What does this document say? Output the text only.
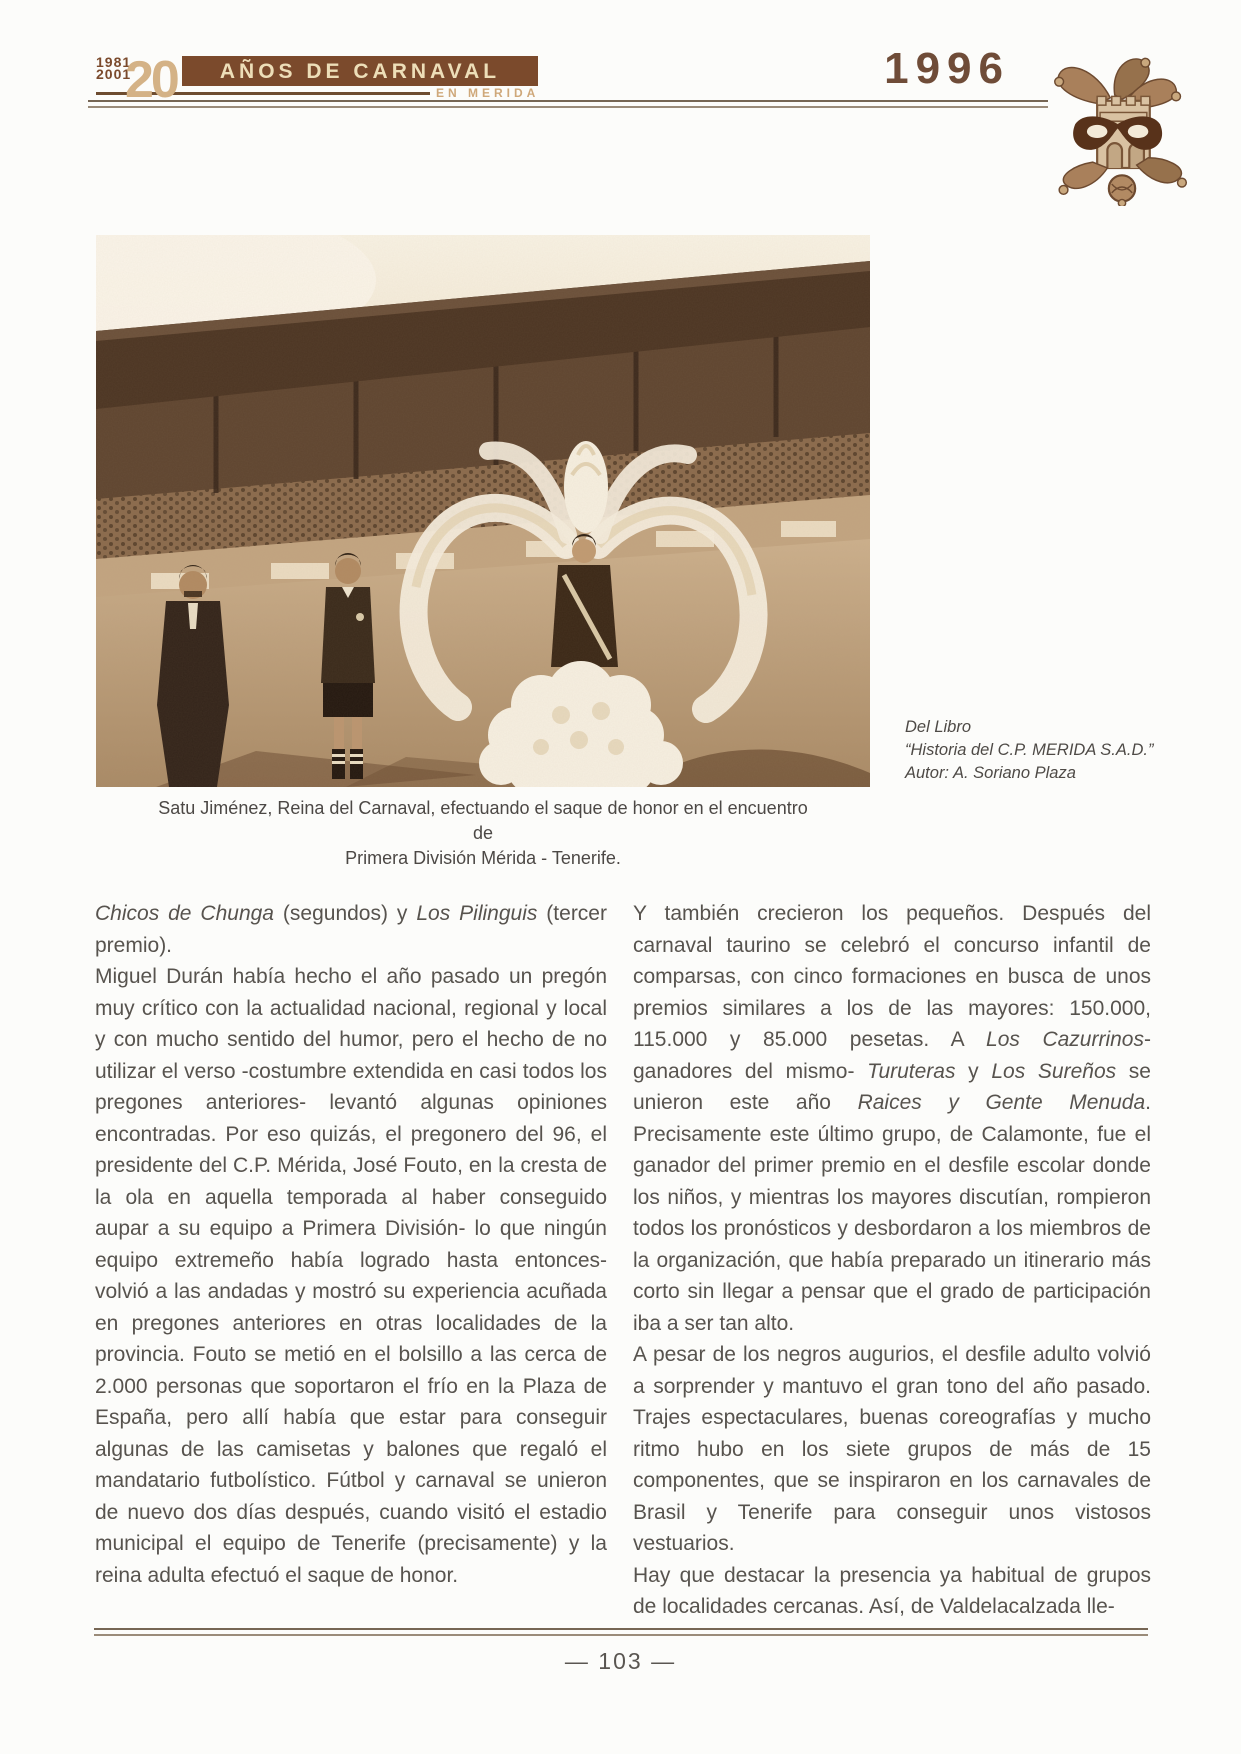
1981
2001
20	AÑOS DE CARNAVAL
EN MERIDA	1996
Satu Jiménez, Reina del Carnaval, efectuando el saque de honor en el encuentro de
Primera División Mérida - Tenerife.
Del Libro
“Historia del C.P. MERIDA S.A.D.”
Autor: A. Soriano Plaza

Chicos de Chunga (segundos) y Los Pilinguis (tercer premio).

Miguel Durán había hecho el año pasado un pregón muy crítico con la actualidad nacional, regional y local y con mucho sentido del humor, pero el hecho de no utilizar el verso -costumbre extendida en casi todos los pregones anteriores- levantó algunas opiniones encontradas. Por eso quizás, el pregonero del 96, el presidente del C.P. Mérida, José Fouto, en la cresta de la ola en aquella temporada al haber conseguido aupar a su equipo a Primera División- lo que ningún equipo extremeño había logrado hasta entonces- volvió a las andadas y mostró su experiencia acuñada en pregones anteriores en otras localidades de la provincia. Fouto se metió en el bolsillo a las cerca de 2.000 personas que soportaron el frío en la Plaza de España, pero allí había que estar para conseguir algunas de las camisetas y balones que regaló el mandatario futbolístico. Fútbol y carnaval se unieron de nuevo dos días después, cuando visitó el estadio municipal el equipo de Tenerife (precisamente) y la reina adulta efectuó el saque de honor.

Y también crecieron los pequeños. Después del carnaval taurino se celebró el concurso infantil de comparsas, con cinco formaciones en busca de unos premios similares a los de las mayores: 150.000, 115.000 y 85.000 pesetas. A Los Cazurrinos- ganadores del mismo- Turuteras y Los Sureños se unieron este año Raices y Gente Menuda. Precisamente este último grupo, de Calamonte, fue el ganador del primer premio en el desfile escolar donde los niños, y mientras los mayores discutían, rompieron todos los pronósticos y desbordaron a los miembros de la organización, que había preparado un itinerario más corto sin llegar a pensar que el grado de participación iba a ser tan alto.

A pesar de los negros augurios, el desfile adulto volvió a sorprender y mantuvo el gran tono del año pasado. Trajes espectaculares, buenas coreografías y mucho ritmo hubo en los siete grupos de más de 15 componentes, que se inspiraron en los carnavales de Brasil y Tenerife para conseguir unos vistosos vestuarios.

Hay que destacar la presencia ya habitual de grupos de localidades cercanas. Así, de Valdelacalzada lle-

— 103 —
